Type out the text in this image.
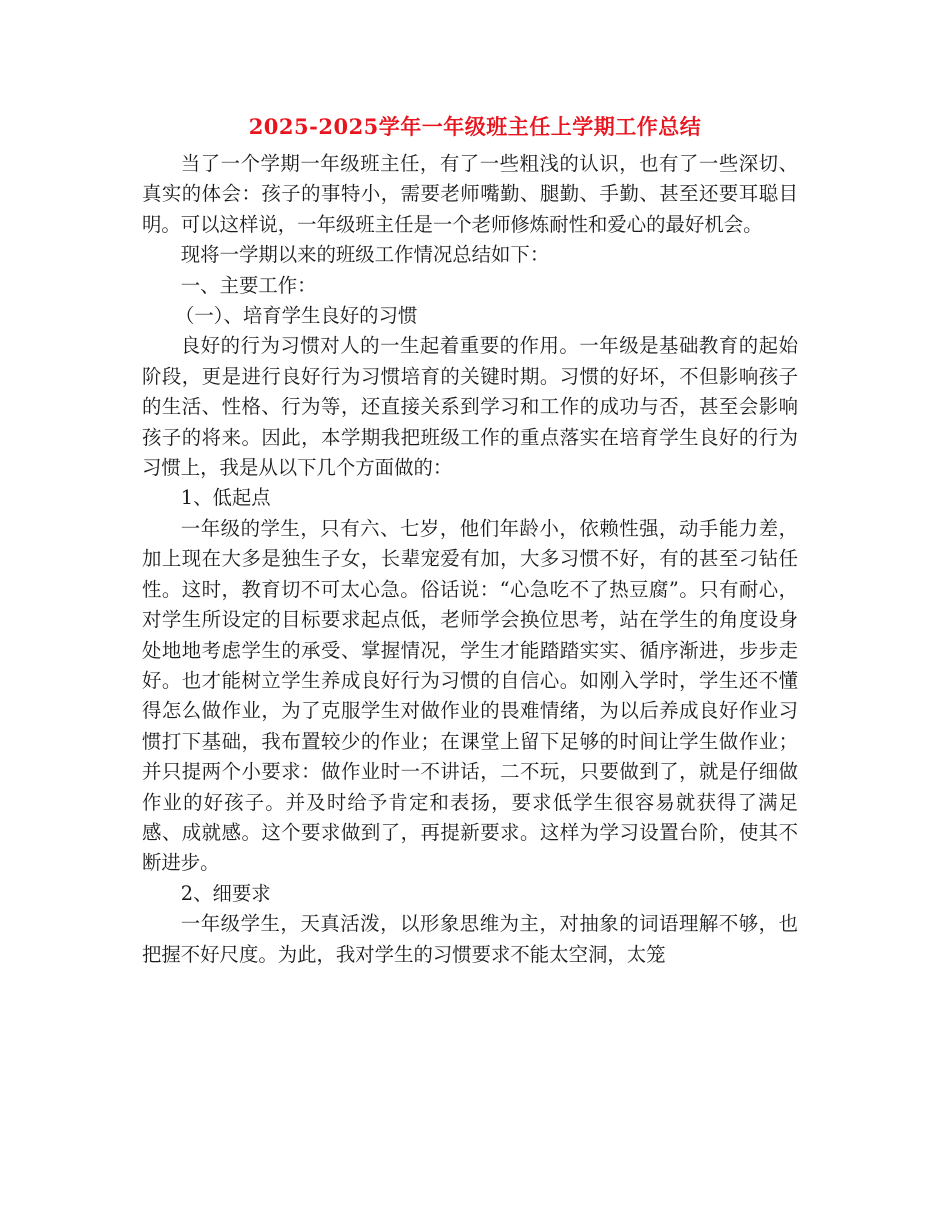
2025-2025学年一年级班主任上学期工作总结

当了一个学期一年级班主任，有了一些粗浅的认识，也有了一些深切、真实的体会：孩子的事特小，需要老师嘴勤、腿勤、手勤、甚至还要耳聪目明。可以这样说，一年级班主任是一个老师修炼耐性和爱心的最好机会。

现将一学期以来的班级工作情况总结如下：

一、主要工作：

（一）、培育学生良好的习惯

良好的行为习惯对人的一生起着重要的作用。一年级是基础教育的起始阶段，更是进行良好行为习惯培育的关键时期。习惯的好坏，不但影响孩子的生活、性格、行为等，还直接关系到学习和工作的成功与否，甚至会影响孩子的将来。因此，本学期我把班级工作的重点落实在培育学生良好的行为习惯上，我是从以下几个方面做的：

1、低起点

一年级的学生，只有六、七岁，他们年龄小，依赖性强，动手能力差，加上现在大多是独生子女，长辈宠爱有加，大多习惯不好，有的甚至刁钻任性。这时，教育切不可太心急。俗话说：“心急吃不了热豆腐”。只有耐心，对学生所设定的目标要求起点低，老师学会换位思考，站在学生的角度设身处地地考虑学生的承受、掌握情况，学生才能踏踏实实、循序渐进，步步走好。也才能树立学生养成良好行为习惯的自信心。如刚入学时，学生还不懂得怎么做作业，为了克服学生对做作业的畏难情绪，为以后养成良好作业习惯打下基础，我布置较少的作业；在课堂上留下足够的时间让学生做作业；并只提两个小要求：做作业时一不讲话，二不玩，只要做到了，就是仔细做作业的好孩子。并及时给予肯定和表扬，要求低学生很容易就获得了满足感、成就感。这个要求做到了，再提新要求。这样为学习设置台阶，使其不断进步。

2、细要求

一年级学生，天真活泼，以形象思维为主，对抽象的词语理解不够，也把握不好尺度。为此，我对学生的习惯要求不能太空洞，太笼
